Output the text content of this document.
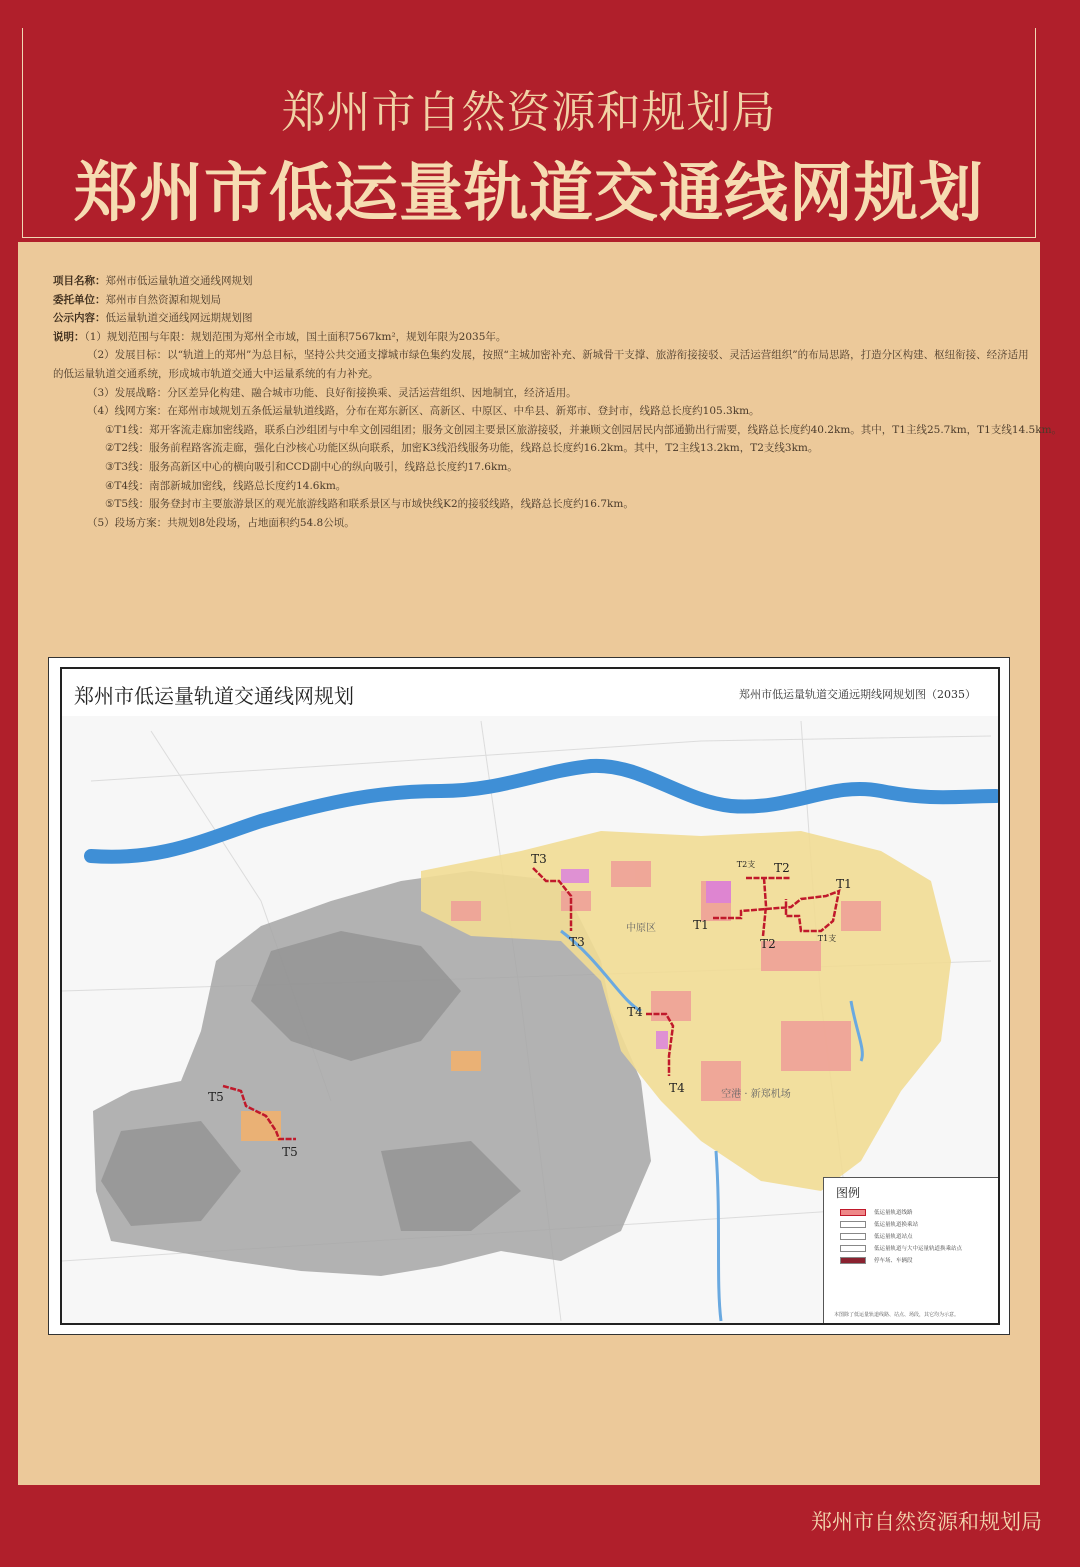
郑州市自然资源和规划局
郑州市低运量轨道交通线网规划
项目名称：郑州市低运量轨道交通线网规划
委托单位：郑州市自然资源和规划局
公示内容：低运量轨道交通线网远期规划图
说明：（1）规划范围与年限：规划范围为郑州全市域，国土面积7567km²，规划年限为2035年。
（2）发展目标：以“轨道上的郑州”为总目标，坚持公共交通支撑城市绿色集约发展，按照“主城加密补充、新城骨干支撑、旅游衔接接驳、灵活运营组织”的布局思路，打造分区构建、枢纽衔接、经济适用
的低运量轨道交通系统，形成城市轨道交通大中运量系统的有力补充。
（3）发展战略：分区差异化构建、融合城市功能、良好衔接换乘、灵活运营组织、因地制宜，经济适用。
（4）线网方案：在郑州市域规划五条低运量轨道线路，分布在郑东新区、高新区、中原区、中牟县、新郑市、登封市，线路总长度约105.3km。
①T1线：郑开客流走廊加密线路，联系白沙组团与中牟文创园组团；服务文创园主要景区旅游接驳，并兼顾文创园居民内部通勤出行需要，线路总长度约40.2km。其中，T1主线25.7km，T1支线14.5km。
②T2线：服务前程路客流走廊，强化白沙核心功能区纵向联系，加密K3线沿线服务功能，线路总长度约16.2km。其中，T2主线13.2km，T2支线3km。
③T3线：服务高新区中心的横向吸引和CCD副中心的纵向吸引，线路总长度约17.6km。
④T4线：南部新城加密线，线路总长度约14.6km。
⑤T5线：服务登封市主要旅游景区的观光旅游线路和联系景区与市域快线K2的接驳线路，线路总长度约16.7km。
（5）段场方案：共规划8处段场，占地面积约54.8公顷。
郑州市低运量轨道交通线网规划	郑州市低运量轨道交通远期线网规划图（2035）
T1
T1
T1支
T2
T2
T2支
T3
T3
T4
T4
T5
T5
中原区
空港 · 新郑机场
图例
低运量轨道线路
低运量轨道换乘站
低运量轨道站点
低运量轨道与大中运量轨道换乘站点
停车场、车辆段
本图除了低运量轨道线路、站点、场段，其它均为示意。
郑州市自然资源和规划局
